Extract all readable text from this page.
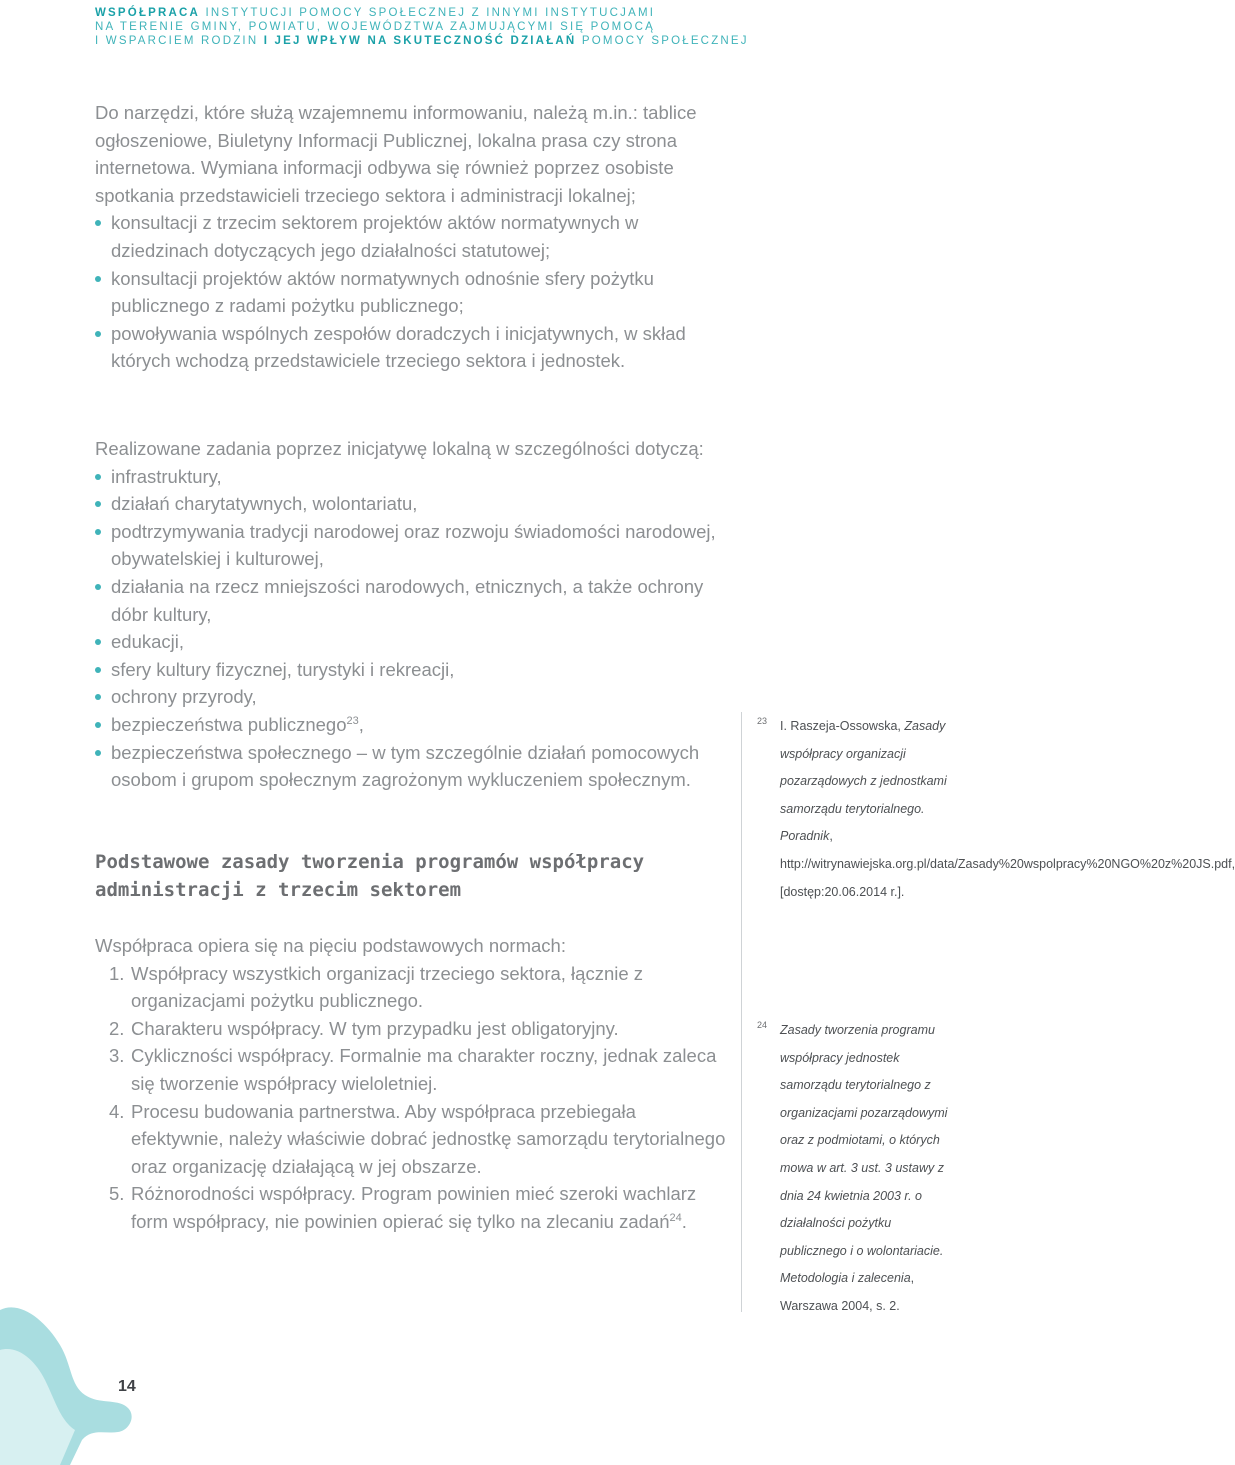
WSPÓŁPRACA INSTYTUCJI POMOCY SPOŁECZNEJ Z INNYMI INSTYTUCJAMI
NA TERENIE GMINY, POWIATU, WOJEWÓDZTWA ZAJMUJĄCYMI SIĘ POMOCĄ
I WSPARCIEM RODZIN I JEJ WPŁYW NA SKUTECZNOŚĆ DZIAŁAŃ POMOCY SPOŁECZNEJ

Do narzędzi, które służą wzajemnemu informowaniu, należą m.in.: tablice ogłoszeniowe, Biuletyny Informacji Publicznej, lokalna prasa czy strona internetowa. Wymiana informacji odbywa się również poprzez osobiste spotkania przedstawicieli trzeciego sektora i administracji lokalnej;

konsultacji z trzecim sektorem projektów aktów normatywnych w dziedzinach dotyczących jego działalności statutowej;
konsultacji projektów aktów normatywnych odnośnie sfery pożytku publicznego z radami pożytku publicznego;
powoływania wspólnych zespołów doradczych i inicjatywnych, w skład których wchodzą przedstawiciele trzeciego sektora i jednostek.

Realizowane zadania poprzez inicjatywę lokalną w szczególności dotyczą:

infrastruktury,
działań charytatywnych, wolontariatu,
podtrzymywania tradycji narodowej oraz rozwoju świadomości narodowej, obywatelskiej i kulturowej,
działania na rzecz mniejszości narodowych, etnicznych, a także ochrony dóbr kultury,
edukacji,
sfery kultury fizycznej, turystyki i rekreacji,
ochrony przyrody,
bezpieczeństwa publicznego$^{23}$,
bezpieczeństwa społecznego – w tym szczególnie działań pomocowych osobom i grupom społecznym zagrożonym wykluczeniem społecznym.
Podstawowe zasady tworzenia programów współpracy administracji z trzecim sektorem

Współpraca opiera się na pięciu podstawowych normach:

1. Współpracy wszystkich organizacji trzeciego sektora, łącznie z organizacjami pożytku publicznego.
2. Charakteru współpracy. W tym przypadku jest obligatoryjny.
3. Cykliczności współpracy. Formalnie ma charakter roczny, jednak zaleca się tworzenie współpracy wieloletniej.
4. Procesu budowania partnerstwa. Aby współpraca przebiegała efektywnie, należy właściwie dobrać jednostkę samorządu terytorialnego oraz organizację działającą w jej obszarze.
5. Różnorodności współpracy. Program powinien mieć szeroki wachlarz form współpracy, nie powinien opierać się tylko na zlecaniu zadań$^{24}$.
23 I. Raszeja-Ossowska, Zasady współpracy organizacji pozarządowych z jednostkami samorządu terytorialnego. Poradnik, http://witrynawiejska.org.pl/data/Zasady%20wspolpracy%20NGO%20z%20JS.pdf, [dostęp:20.06.2014 r.].
24 Zasady tworzenia programu współpracy jednostek samorządu terytorialnego z organizacjami pozarządowymi oraz z podmiotami, o których mowa w art. 3 ust. 3 ustawy z dnia 24 kwietnia 2003 r. o działalności pożytku publicznego i o wolontariacie. Metodologia i zalecenia, Warszawa 2004, s. 2.
14
